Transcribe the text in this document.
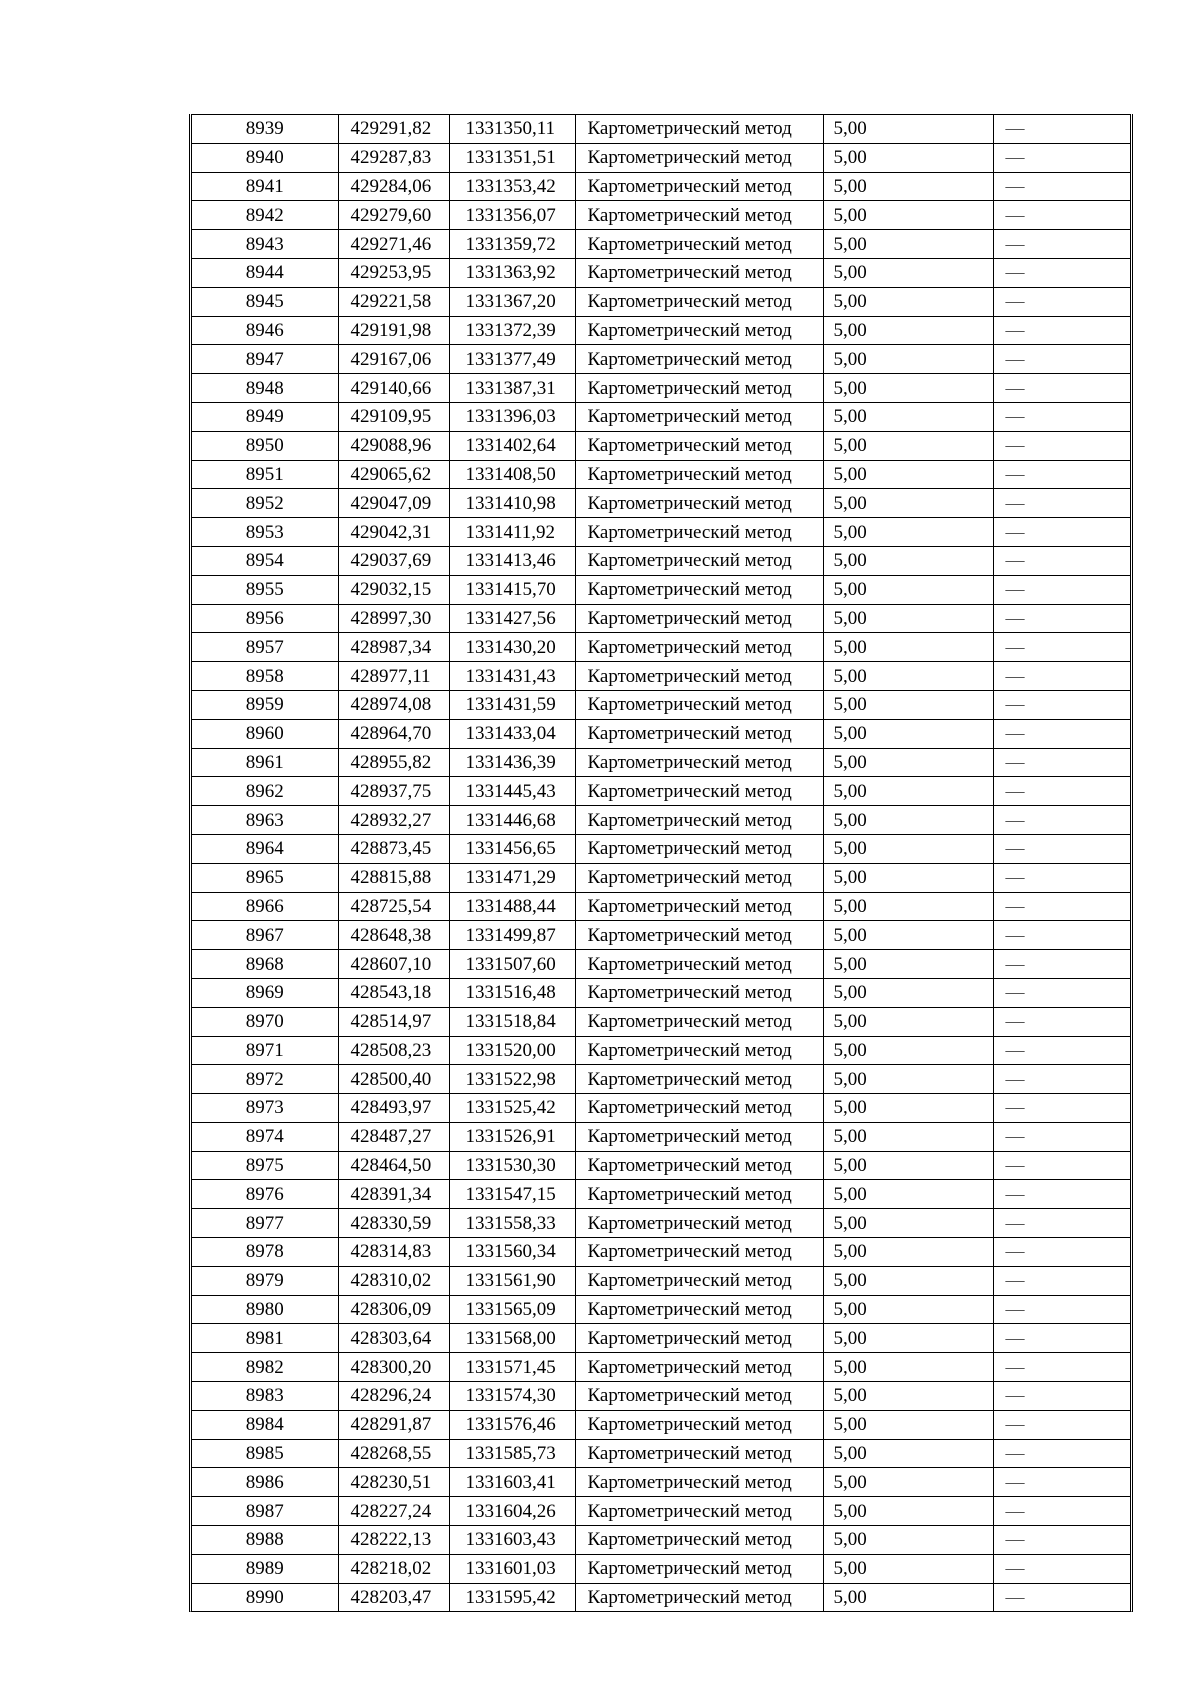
8939	429291,82	1331350,11	Картометрический метод	5,00	—
8940	429287,83	1331351,51	Картометрический метод	5,00	—
8941	429284,06	1331353,42	Картометрический метод	5,00	—
8942	429279,60	1331356,07	Картометрический метод	5,00	—
8943	429271,46	1331359,72	Картометрический метод	5,00	—
8944	429253,95	1331363,92	Картометрический метод	5,00	—
8945	429221,58	1331367,20	Картометрический метод	5,00	—
8946	429191,98	1331372,39	Картометрический метод	5,00	—
8947	429167,06	1331377,49	Картометрический метод	5,00	—
8948	429140,66	1331387,31	Картометрический метод	5,00	—
8949	429109,95	1331396,03	Картометрический метод	5,00	—
8950	429088,96	1331402,64	Картометрический метод	5,00	—
8951	429065,62	1331408,50	Картометрический метод	5,00	—
8952	429047,09	1331410,98	Картометрический метод	5,00	—
8953	429042,31	1331411,92	Картометрический метод	5,00	—
8954	429037,69	1331413,46	Картометрический метод	5,00	—
8955	429032,15	1331415,70	Картометрический метод	5,00	—
8956	428997,30	1331427,56	Картометрический метод	5,00	—
8957	428987,34	1331430,20	Картометрический метод	5,00	—
8958	428977,11	1331431,43	Картометрический метод	5,00	—
8959	428974,08	1331431,59	Картометрический метод	5,00	—
8960	428964,70	1331433,04	Картометрический метод	5,00	—
8961	428955,82	1331436,39	Картометрический метод	5,00	—
8962	428937,75	1331445,43	Картометрический метод	5,00	—
8963	428932,27	1331446,68	Картометрический метод	5,00	—
8964	428873,45	1331456,65	Картометрический метод	5,00	—
8965	428815,88	1331471,29	Картометрический метод	5,00	—
8966	428725,54	1331488,44	Картометрический метод	5,00	—
8967	428648,38	1331499,87	Картометрический метод	5,00	—
8968	428607,10	1331507,60	Картометрический метод	5,00	—
8969	428543,18	1331516,48	Картометрический метод	5,00	—
8970	428514,97	1331518,84	Картометрический метод	5,00	—
8971	428508,23	1331520,00	Картометрический метод	5,00	—
8972	428500,40	1331522,98	Картометрический метод	5,00	—
8973	428493,97	1331525,42	Картометрический метод	5,00	—
8974	428487,27	1331526,91	Картометрический метод	5,00	—
8975	428464,50	1331530,30	Картометрический метод	5,00	—
8976	428391,34	1331547,15	Картометрический метод	5,00	—
8977	428330,59	1331558,33	Картометрический метод	5,00	—
8978	428314,83	1331560,34	Картометрический метод	5,00	—
8979	428310,02	1331561,90	Картометрический метод	5,00	—
8980	428306,09	1331565,09	Картометрический метод	5,00	—
8981	428303,64	1331568,00	Картометрический метод	5,00	—
8982	428300,20	1331571,45	Картометрический метод	5,00	—
8983	428296,24	1331574,30	Картометрический метод	5,00	—
8984	428291,87	1331576,46	Картометрический метод	5,00	—
8985	428268,55	1331585,73	Картометрический метод	5,00	—
8986	428230,51	1331603,41	Картометрический метод	5,00	—
8987	428227,24	1331604,26	Картометрический метод	5,00	—
8988	428222,13	1331603,43	Картометрический метод	5,00	—
8989	428218,02	1331601,03	Картометрический метод	5,00	—
8990	428203,47	1331595,42	Картометрический метод	5,00	—
